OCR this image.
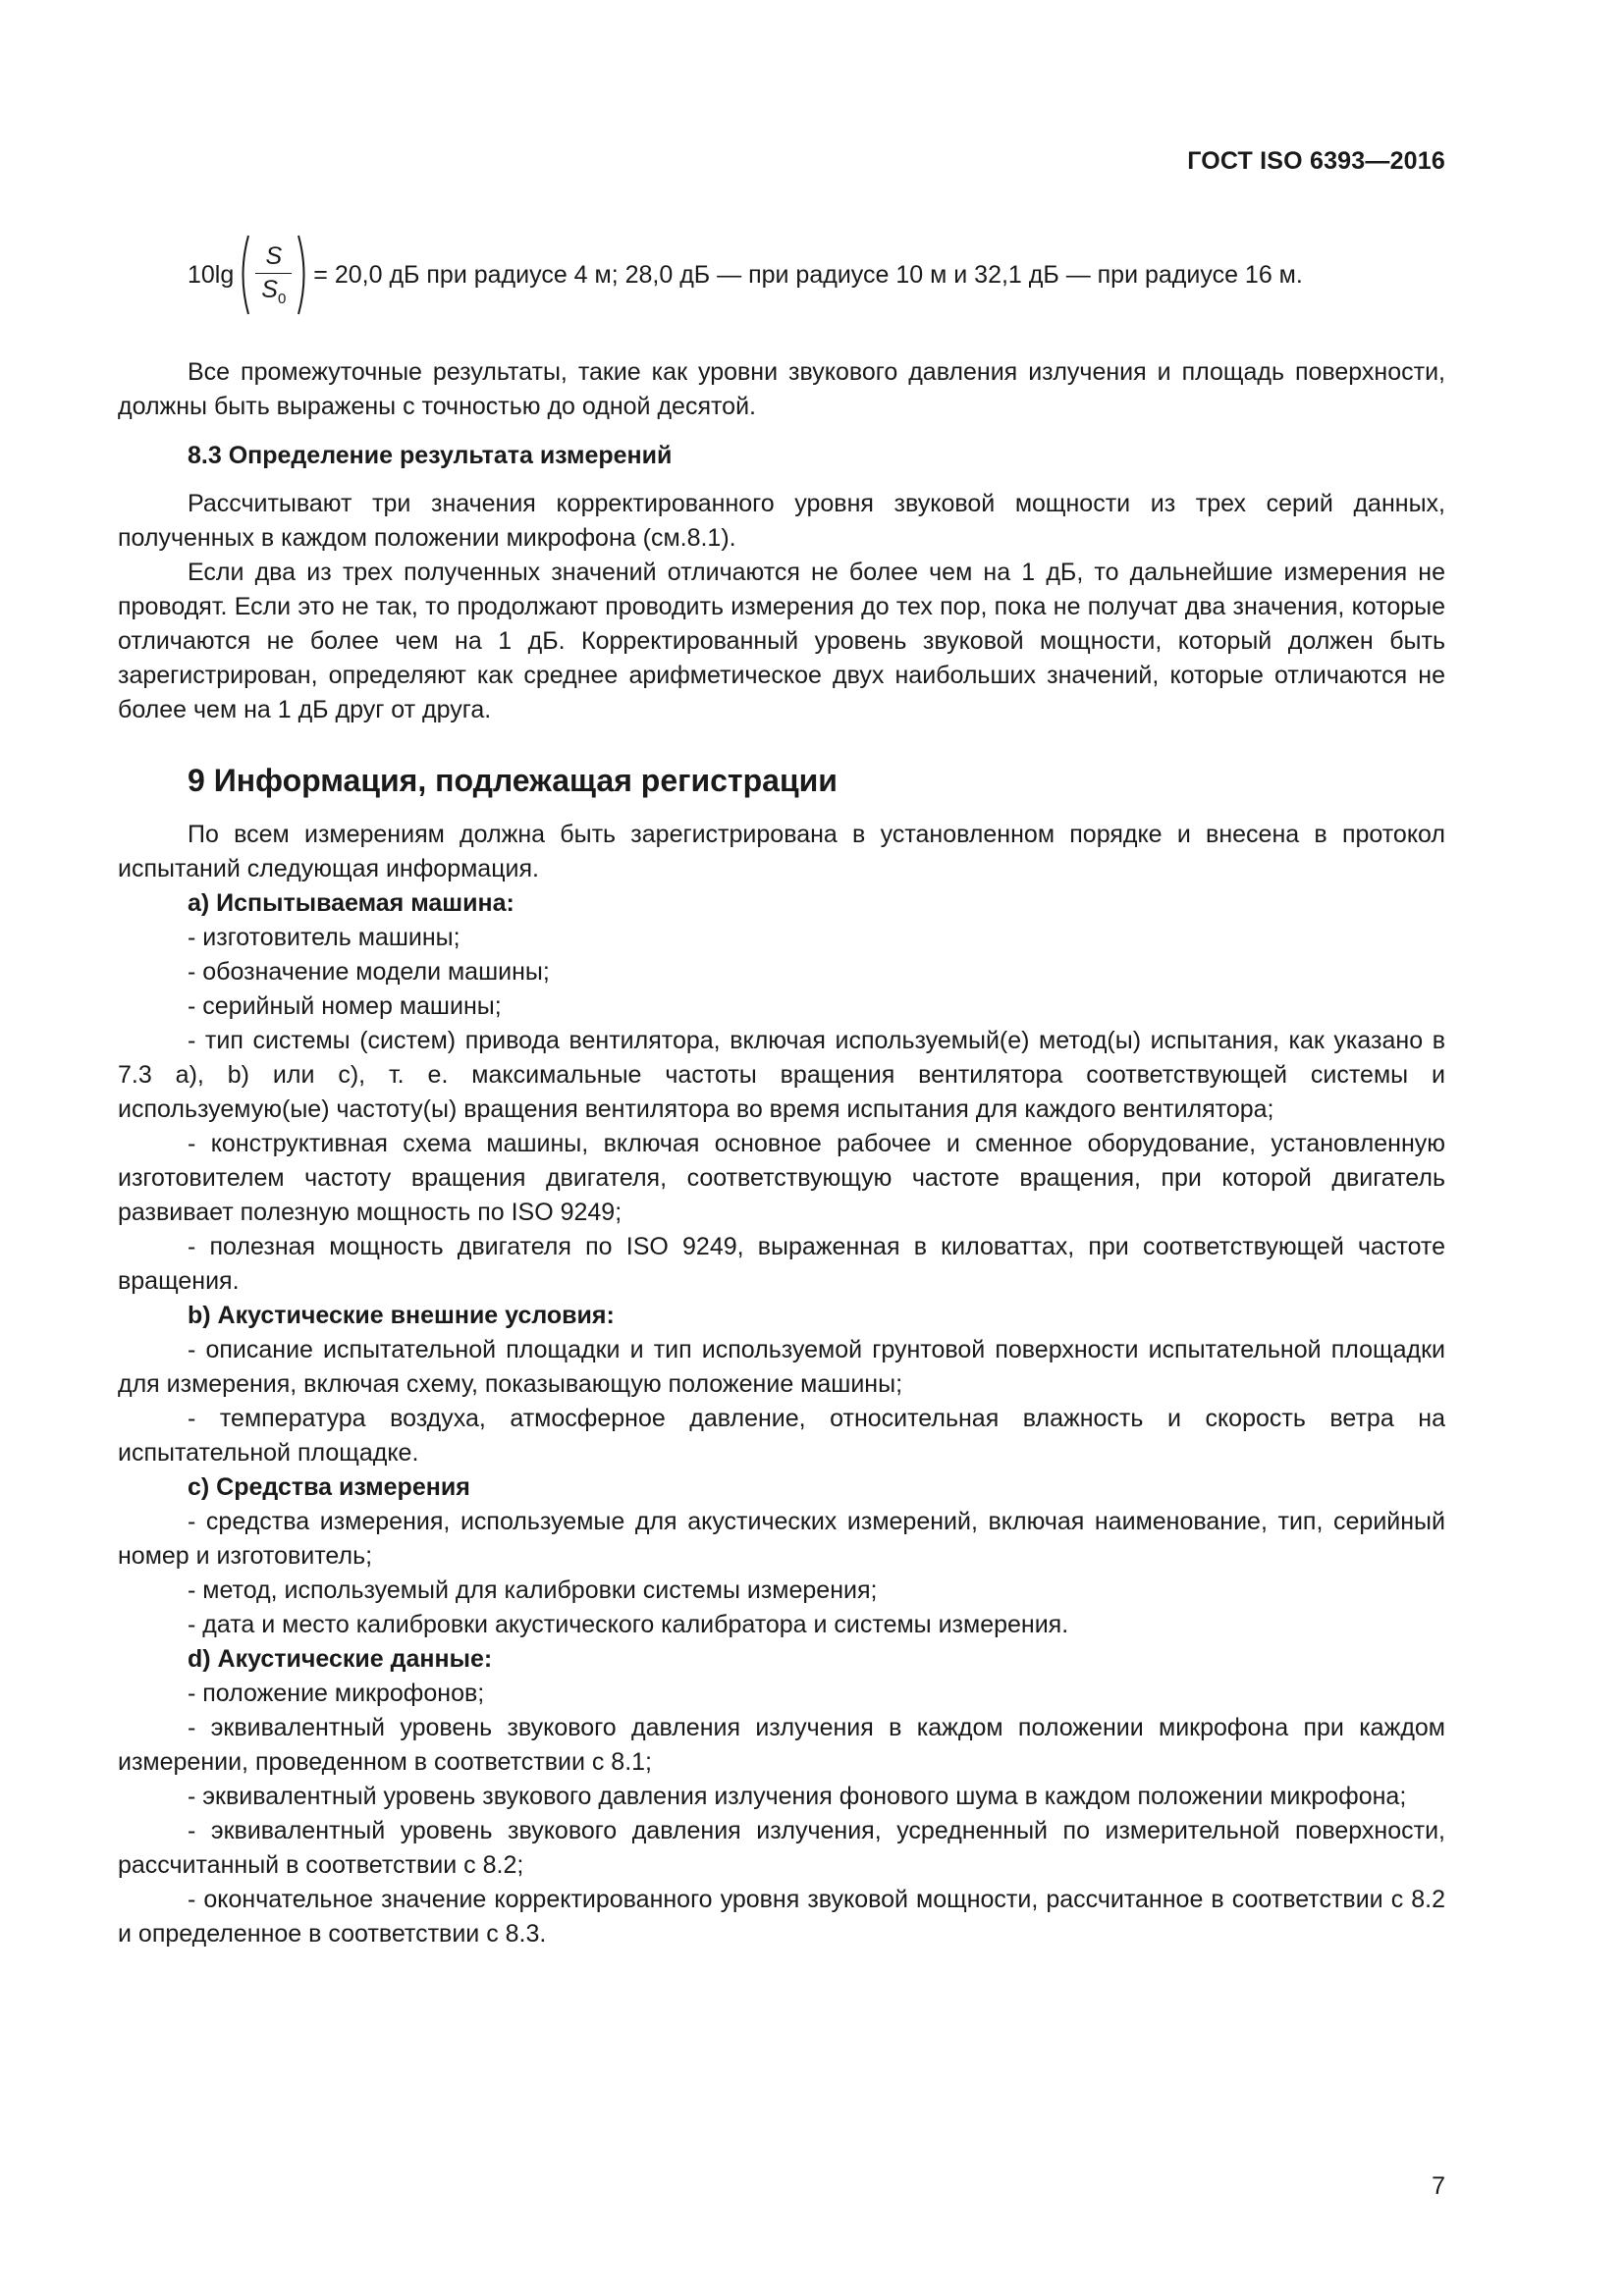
ГОСТ ISO 6393—2016
$10\lg \frac{S}{S_0} = 20,0$ дБ при радиусе 4 м; 28,0 дБ — при радиусе 10 м и 32,1 дБ — при радиусе 16 м.

Все промежуточные результаты, такие как уровни звукового давления излучения и площадь поверхности, должны быть выражены с точностью до одной десятой.

8.3 Определение результата измерений

Рассчитывают три значения корректированного уровня звуковой мощности из трех серий данных, полученных в каждом положении микрофона (см.8.1).

Если два из трех полученных значений отличаются не более чем на 1 дБ, то дальнейшие измерения не проводят. Если это не так, то продолжают проводить измерения до тех пор, пока не получат два значения, которые отличаются не более чем на 1 дБ. Корректированный уровень звуковой мощности, который должен быть зарегистрирован, определяют как среднее арифметическое двух наибольших значений, которые отличаются не более чем на 1 дБ друг от друга.

9 Информация, подлежащая регистрации

По всем измерениям должна быть зарегистрирована в установленном порядке и внесена в протокол испытаний следующая информация.

а) Испытываемая машина:

- изготовитель машины;

- обозначение модели машины;

- серийный номер машины;

- тип системы (систем) привода вентилятора, включая используемый(е) метод(ы) испытания, как указано в 7.3 а), b) или с), т. е. максимальные частоты вращения вентилятора соответствующей системы и используемую(ые) частоту(ы) вращения вентилятора во время испытания для каждого вентилятора;

- конструктивная схема машины, включая основное рабочее и сменное оборудование, установленную изготовителем частоту вращения двигателя, соответствующую частоте вращения, при которой двигатель развивает полезную мощность по ISO 9249;

- полезная мощность двигателя по ISO 9249, выраженная в киловаттах, при соответствующей частоте вращения.

b) Акустические внешние условия:

- описание испытательной площадки и тип используемой грунтовой поверхности испытательной площадки для измерения, включая схему, показывающую положение машины;

- температура воздуха, атмосферное давление, относительная влажность и скорость ветра на испытательной площадке.

с) Средства измерения

- средства измерения, используемые для акустических измерений, включая наименование, тип, серийный номер и изготовитель;

- метод, используемый для калибровки системы измерения;

- дата и место калибровки акустического калибратора и системы измерения.

d) Акустические данные:

- положение микрофонов;

- эквивалентный уровень звукового давления излучения в каждом положении микрофона при каждом измерении, проведенном в соответствии с 8.1;

- эквивалентный уровень звукового давления излучения фонового шума в каждом положении микрофона;

- эквивалентный уровень звукового давления излучения, усредненный по измерительной поверхности, рассчитанный в соответствии с 8.2;

- окончательное значение корректированного уровня звуковой мощности, рассчитанное в соответствии с 8.2 и определенное в соответствии с 8.3.

7
